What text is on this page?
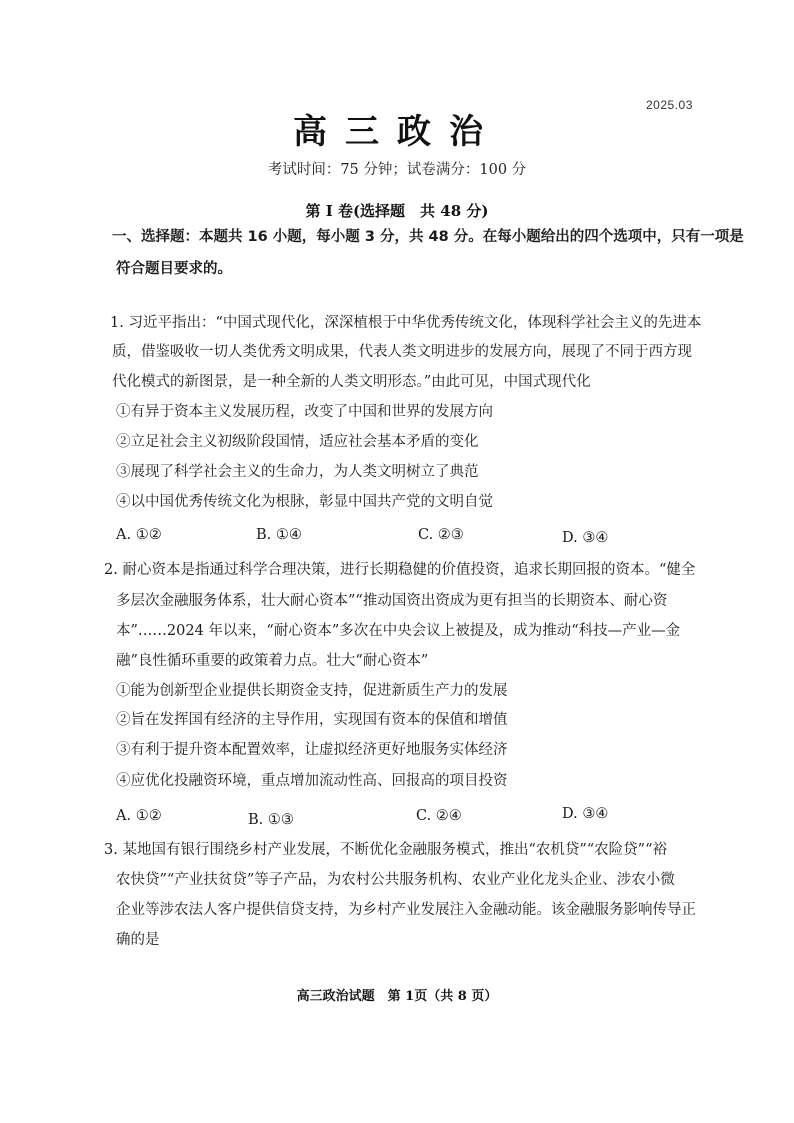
2025.03
高三政治
考试时间：75 分钟；试卷满分：100 分
第 I 卷(选择题　共 48 分)
一、选择题：本题共 16 小题，每小题 3 分，共 48 分。在每小题给出的四个选项中，只有一项是
符合题目要求的。
1. 习近平指出：“中国式现代化，深深植根于中华优秀传统文化，体现科学社会主义的先进本
质，借鉴吸收一切人类优秀文明成果，代表人类文明进步的发展方向，展现了不同于西方现
代化模式的新图景，是一种全新的人类文明形态。”由此可见，中国式现代化
①有异于资本主义发展历程，改变了中国和世界的发展方向
②立足社会主义初级阶段国情，适应社会基本矛盾的变化
③展现了科学社会主义的生命力，为人类文明树立了典范
④以中国优秀传统文化为根脉，彰显中国共产党的文明自觉
A. ①②	B. ①④	C. ②③	D. ③④
2. 耐心资本是指通过科学合理决策，进行长期稳健的价值投资，追求长期回报的资本。“健全
多层次金融服务体系，壮大耐心资本”“推动国资出资成为更有担当的长期资本、耐心资
本”……2024 年以来，“耐心资本”多次在中央会议上被提及，成为推动“科技—产业—金
融”良性循环重要的政策着力点。壮大“耐心资本”
①能为创新型企业提供长期资金支持，促进新质生产力的发展
②旨在发挥国有经济的主导作用，实现国有资本的保值和增值
③有利于提升资本配置效率，让虚拟经济更好地服务实体经济
④应优化投融资环境，重点增加流动性高、回报高的项目投资
A. ①②	B. ①③	C. ②④	D. ③④
3. 某地国有银行围绕乡村产业发展，不断优化金融服务模式，推出“农机贷”“农险贷”“裕
农快贷”“产业扶贫贷”等子产品，为农村公共服务机构、农业产业化龙头企业、涉农小微
企业等涉农法人客户提供信贷支持，为乡村产业发展注入金融动能。该金融服务影响传导正
确的是
高三政治试题　第 1页（共 8 页）
